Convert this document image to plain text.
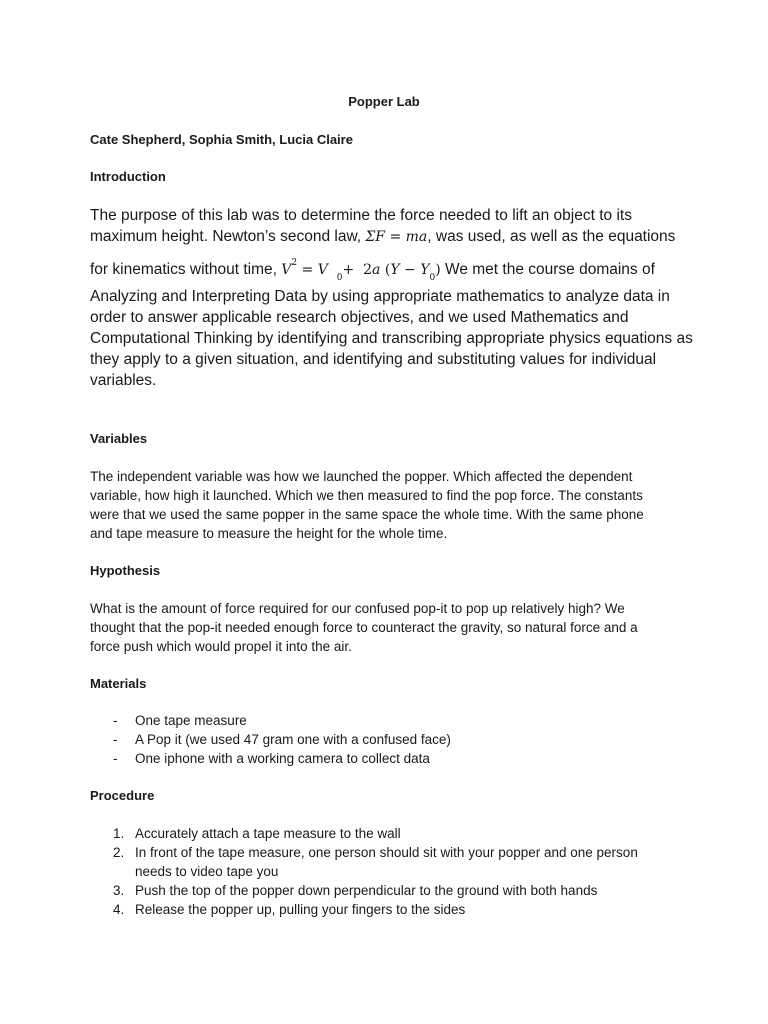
Popper Lab
Cate Shepherd, Sophia Smith, Lucia Claire
Introduction
The purpose of this lab was to determine the force needed to lift an object to its
maximum height. Newton’s second law, ΣF = ma, was used, as well as the equations
for kinematics without time, $V^2 = V$ $_0$+  2a $(Y - Y_0)$ We met the course domains of
Analyzing and Interpreting Data by using appropriate mathematics to analyze data in
order to answer applicable research objectives, and we used Mathematics and
Computational Thinking by identifying and transcribing appropriate physics equations as
they apply to a given situation, and identifying and substituting values for individual
variables.
Variables
The independent variable was how we launched the popper. Which affected the dependent
variable, how high it launched. Which we then measured to find the pop force. The constants
were that we used the same popper in the same space the whole time. With the same phone
and tape measure to measure the height for the whole time.
Hypothesis
What is the amount of force required for our confused pop-it to pop up relatively high? We
thought that the pop-it needed enough force to counteract the gravity, so natural force and a
force push which would propel it into the air.
Materials
- One tape measure
- A Pop it (we used 47 gram one with a confused face)
- One iphone with a working camera to collect data
Procedure
1. Accurately attach a tape measure to the wall
2. In front of the tape measure, one person should sit with your popper and one person
needs to video tape you
3. Push the top of the popper down perpendicular to the ground with both hands
4. Release the popper up, pulling your fingers to the sides
